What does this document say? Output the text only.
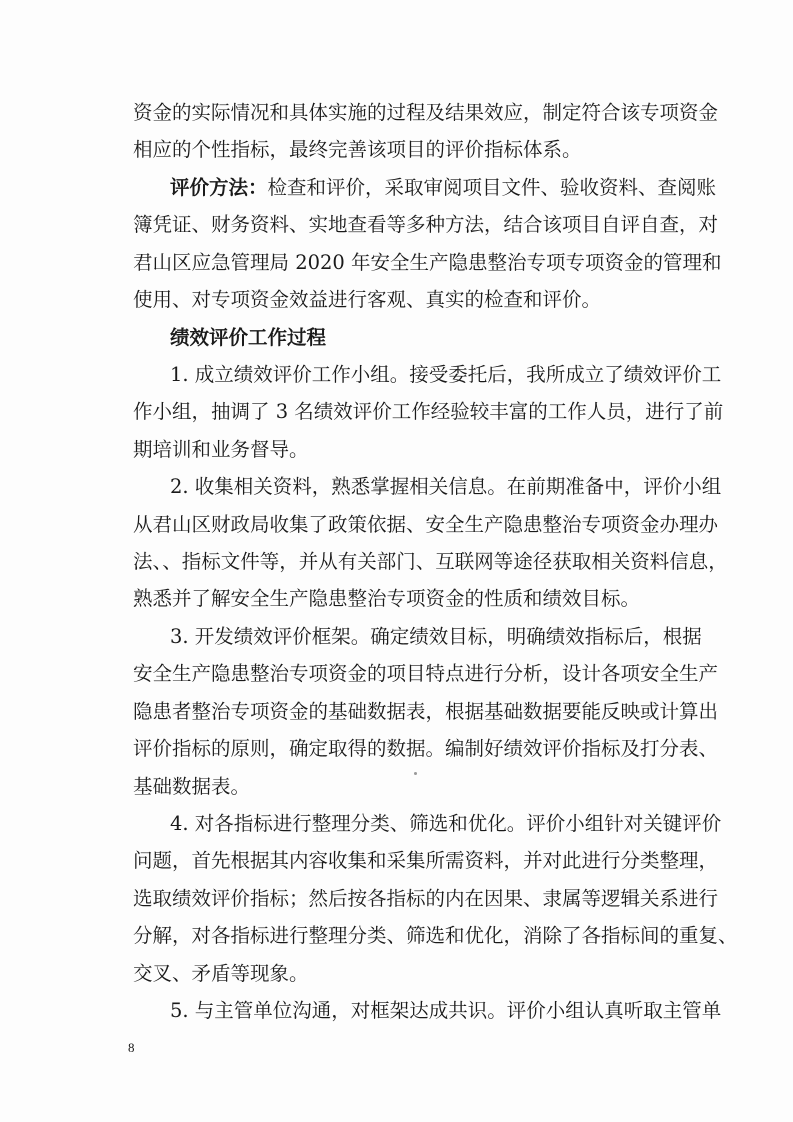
资金的实际情况和具体实施的过程及结果效应，制定符合该专项资金
相应的个性指标，最终完善该项目的评价指标体系。
评价方法：检查和评价，采取审阅项目文件、验收资料、查阅账
簿凭证、财务资料、实地查看等多种方法，结合该项目自评自查，对
君山区应急管理局 2020 年安全生产隐患整治专项专项资金的管理和
使用、对专项资金效益进行客观、真实的检查和评价。
绩效评价工作过程
1. 成立绩效评价工作小组。接受委托后，我所成立了绩效评价工
作小组，抽调了 3 名绩效评价工作经验较丰富的工作人员，进行了前
期培训和业务督导。
2. 收集相关资料，熟悉掌握相关信息。在前期准备中，评价小组
从君山区财政局收集了政策依据、安全生产隐患整治专项资金办理办
法、、指标文件等，并从有关部门、互联网等途径获取相关资料信息，
熟悉并了解安全生产隐患整治专项资金的性质和绩效目标。
3. 开发绩效评价框架。确定绩效目标，明确绩效指标后，根据
安全生产隐患整治专项资金的项目特点进行分析，设计各项安全生产
隐患者整治专项资金的基础数据表，根据基础数据要能反映或计算出
评价指标的原则，确定取得的数据。编制好绩效评价指标及打分表、
基础数据表。
8
4. 对各指标进行整理分类、筛选和优化。评价小组针对关键评价
问题，首先根据其内容收集和采集所需资料，并对此进行分类整理，
选取绩效评价指标；然后按各指标的内在因果、隶属等逻辑关系进行
分解，对各指标进行整理分类、筛选和优化，消除了各指标间的重复、
交叉、矛盾等现象。
5. 与主管单位沟通，对框架达成共识。评价小组认真听取主管单
